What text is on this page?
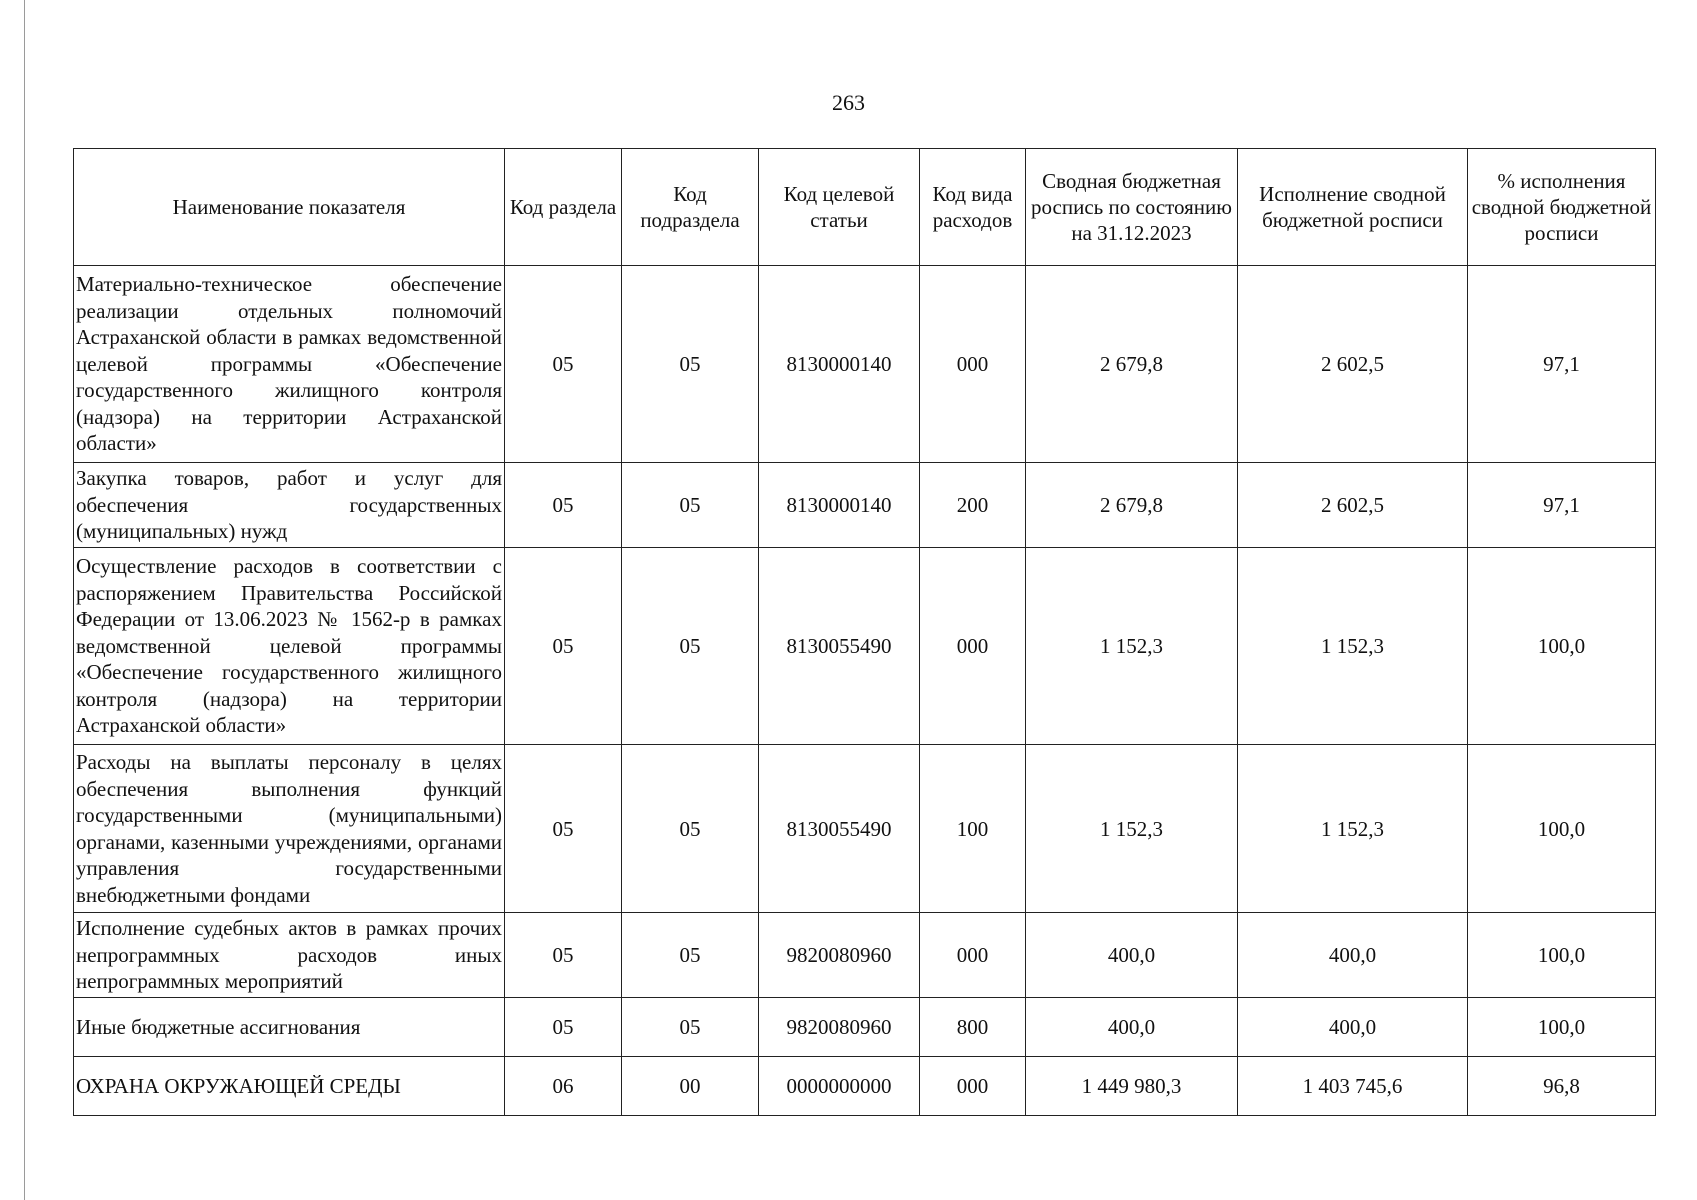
263
Наименование показателя	Код раздела	Код подраздела	Код целевой статьи	Код вида расходов	Сводная бюджетная роспись по состоянию на 31.12.2023	Исполнение сводной бюджетной росписи	% исполнения сводной бюджетной росписи
Материально-техническое обеспечение реализации отдельных полномочий Астраханской области в рамках ведомственной целевой программы «Обеспечение государственного жилищного контроля (надзора) на территории Астраханской области»	05	05	8130000140	000	2 679,8	2 602,5	97,1
Закупка товаров, работ и услуг для обеспечения государственных (муниципальных) нужд	05	05	8130000140	200	2 679,8	2 602,5	97,1
Осуществление расходов в соответствии с распоряжением Правительства Российской Федерации от 13.06.2023 № 1562-р в рамках ведомственной целевой программы «Обеспечение государственного жилищного контроля (надзора) на территории Астраханской области»	05	05	8130055490	000	1 152,3	1 152,3	100,0
Расходы на выплаты персоналу в целях обеспечения выполнения функций государственными (муниципальными) органами, казенными учреждениями, органами управления государственными внебюджетными фондами	05	05	8130055490	100	1 152,3	1 152,3	100,0
Исполнение судебных актов в рамках прочих непрограммных расходов иных непрограммных мероприятий	05	05	9820080960	000	400,0	400,0	100,0
Иные бюджетные ассигнования	05	05	9820080960	800	400,0	400,0	100,0
ОХРАНА ОКРУЖАЮЩЕЙ СРЕДЫ	06	00	0000000000	000	1 449 980,3	1 403 745,6	96,8
